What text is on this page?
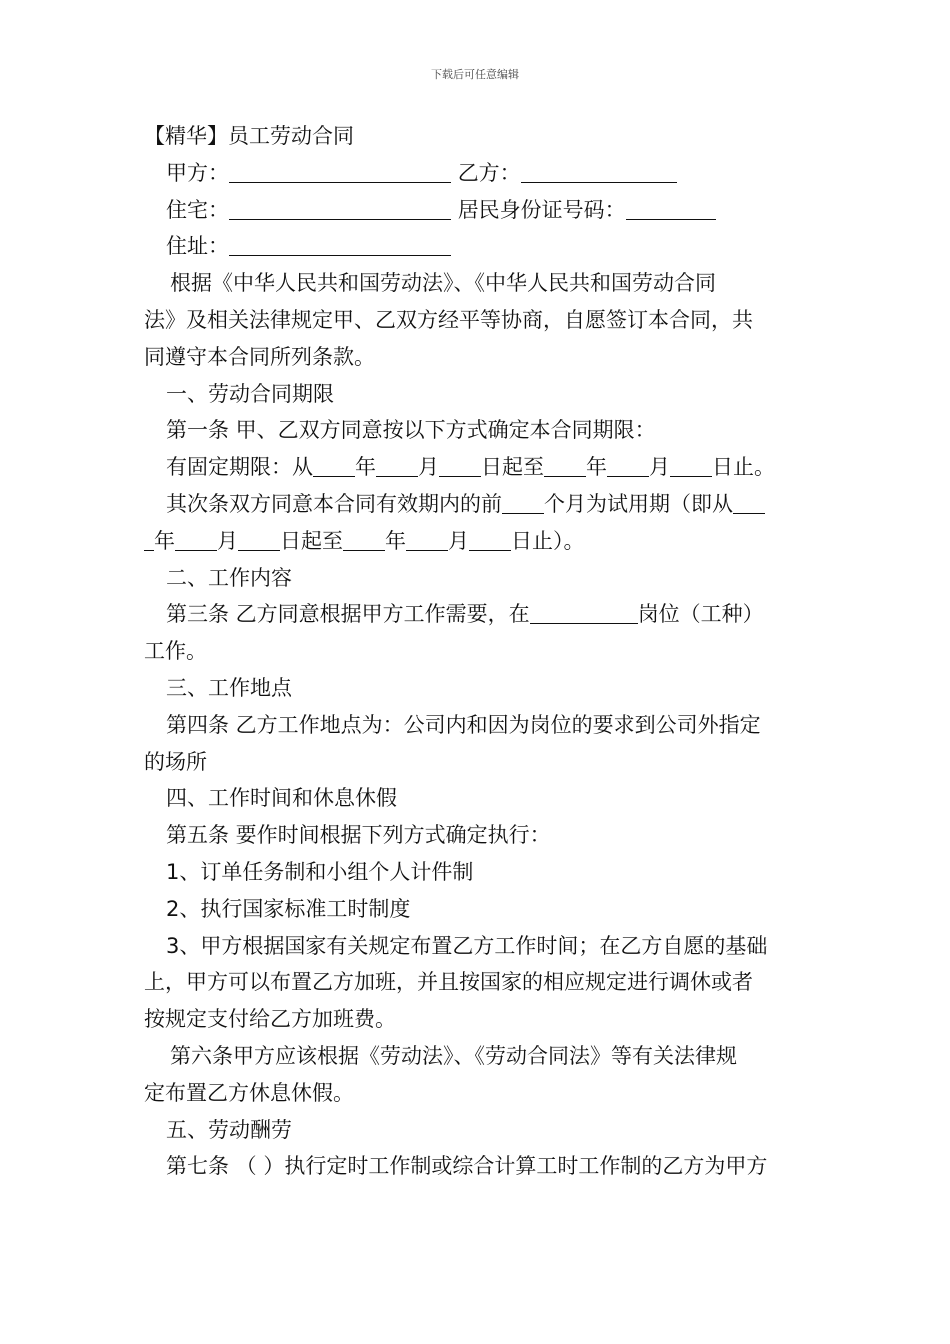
下载后可任意编辑
【精华】员工劳动合同
甲方：	乙方：
住宅：	居民身份证号码：
住址：
根据《中华人民共和国劳动法》、《中华人民共和国劳动合同
法》及相关法律规定甲、乙双方经平等协商，自愿签订本合同，共
同遵守本合同所列条款。
一、劳动合同期限
第一条 甲、乙双方同意按以下方式确定本合同期限：
有固定期限：从 年 月 日起至 年 月 日止。
其次条双方同意本合同有效期内的前 个月为试用期（即从
年 月 日起至 年 月 日止）。
二、工作内容
第三条 乙方同意根据甲方工作需要，在	岗位（工种）
工作。
三、工作地点
第四条 乙方工作地点为：公司内和因为岗位的要求到公司外指定
的场所
四、工作时间和休息休假
第五条 要作时间根据下列方式确定执行：
1、订单任务制和小组个人计件制
2、执行国家标准工时制度
3、甲方根据国家有关规定布置乙方工作时间；在乙方自愿的基础
上，甲方可以布置乙方加班，并且按国家的相应规定进行调休或者
按规定支付给乙方加班费。
第六条甲方应该根据《劳动法》、《劳动合同法》等有关法律规
定布置乙方休息休假。
五、劳动酬劳
第七条 （ ）执行定时工作制或综合计算工时工作制的乙方为甲方
